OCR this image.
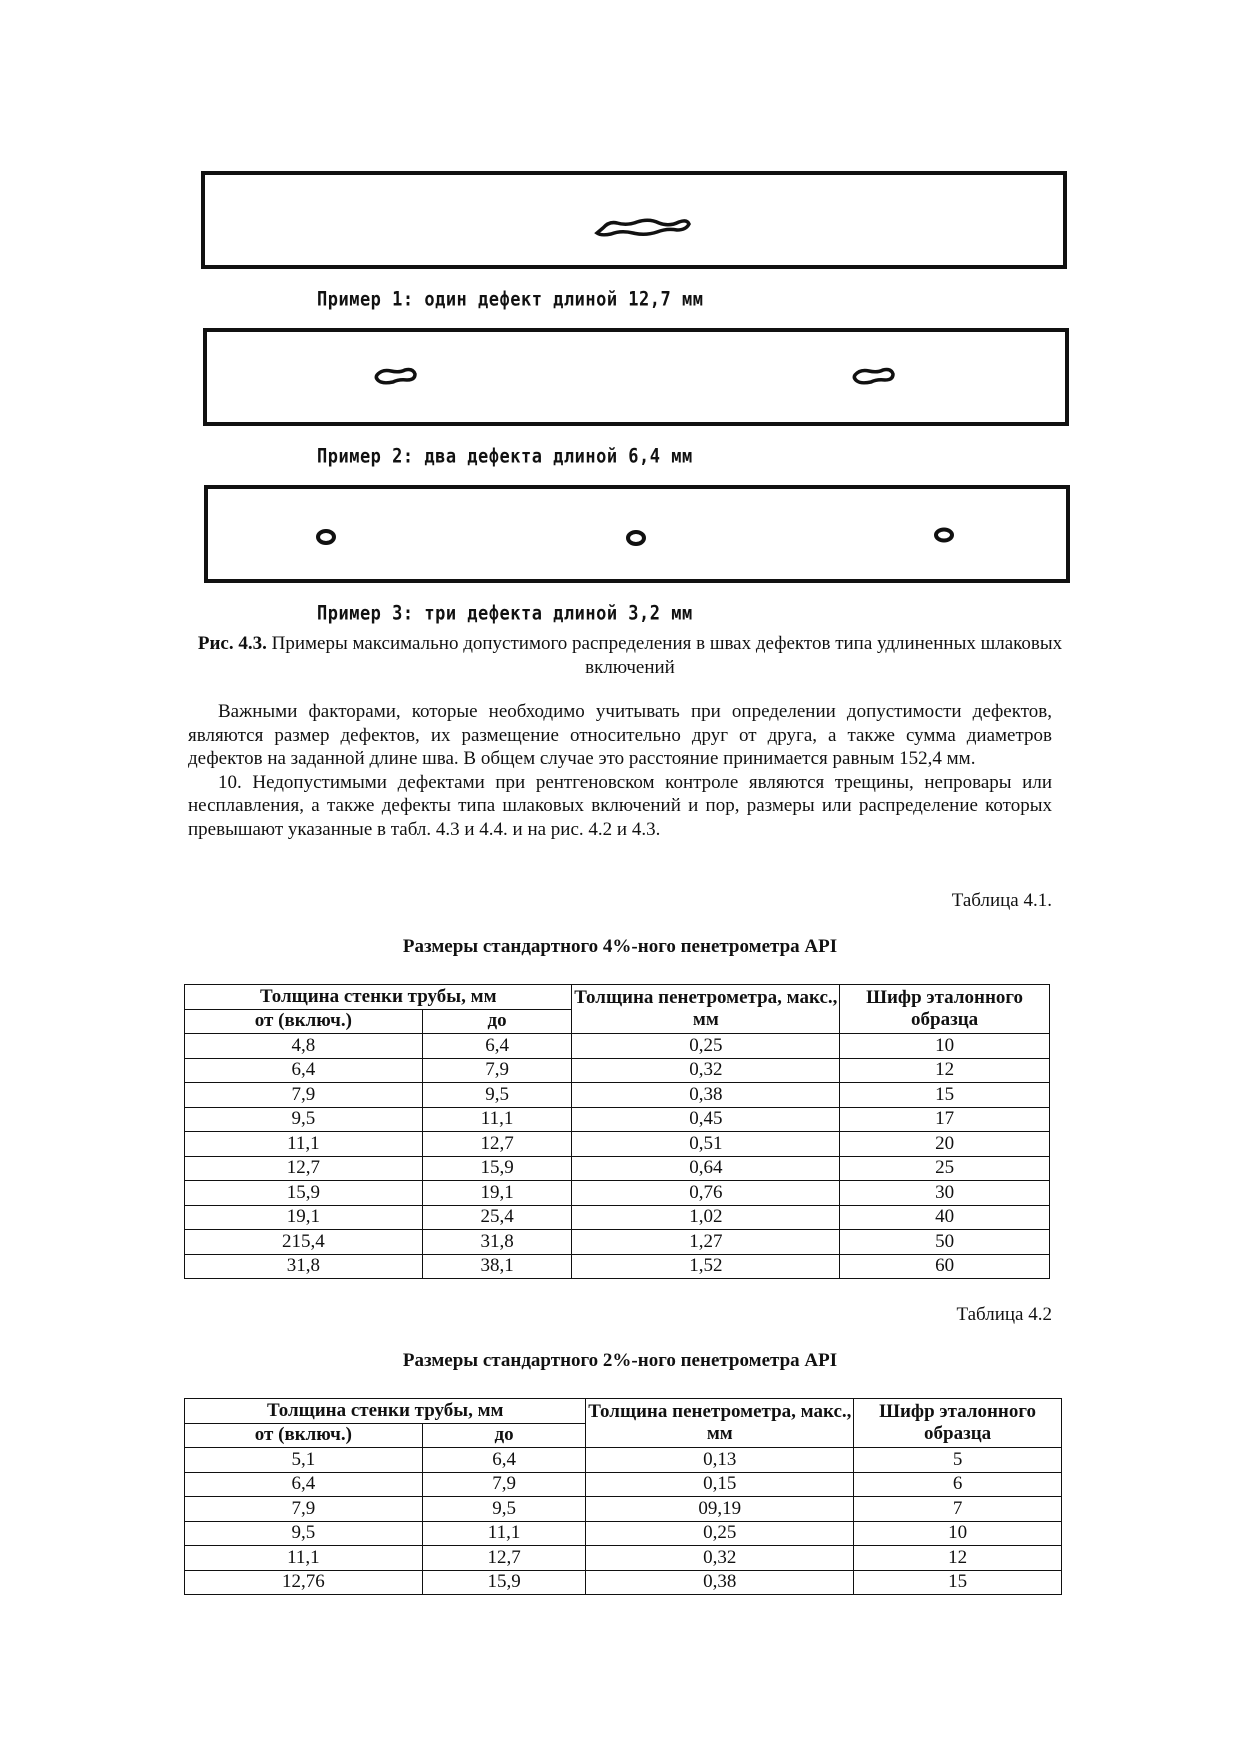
Пример 1: один дефект длиной 12,7 мм
Пример 2: два дефекта длиной 6,4 мм
Пример 3: три дефекта длиной 3,2 мм
Рис. 4.3. Примеры максимально допустимого распределения в швах дефектов типа удлиненных шлаковых включений

Важными факторами, которые необходимо учитывать при определении допустимости дефектов, являются размер дефектов, их размещение относительно друг от друга, а также сумма диаметров дефектов на заданной длине шва. В общем случае это расстояние принимается равным 152,4 мм.

10. Недопустимыми дефектами при рентгеновском контроле являются трещины, непровары или несплавления, а также дефекты типа шлаковых включений и пор, размеры или распределение которых превышают указанные в табл. 4.3 и 4.4. и на рис. 4.2 и 4.3.

Таблица 4.1.
Размеры стандартного 4%-ного пенетрометра API
Толщина стенки трубы, мм		Толщина пенетрометра, макс., мм	Шифр эталонного образца
от (включ.)	до		
4,8	6,4	0,25	10
6,4	7,9	0,32	12
7,9	9,5	0,38	15
9,5	11,1	0,45	17
11,1	12,7	0,51	20
12,7	15,9	0,64	25
15,9	19,1	0,76	30
19,1	25,4	1,02	40
215,4	31,8	1,27	50
31,8	38,1	1,52	60
Таблица 4.2
Размеры стандартного 2%-ного пенетрометра API
Толщина стенки трубы, мм		Толщина пенетрометра, макс., мм	Шифр эталонного образца
от (включ.)	до		
5,1	6,4	0,13	5
6,4	7,9	0,15	6
7,9	9,5	09,19	7
9,5	11,1	0,25	10
11,1	12,7	0,32	12
12,76	15,9	0,38	15
